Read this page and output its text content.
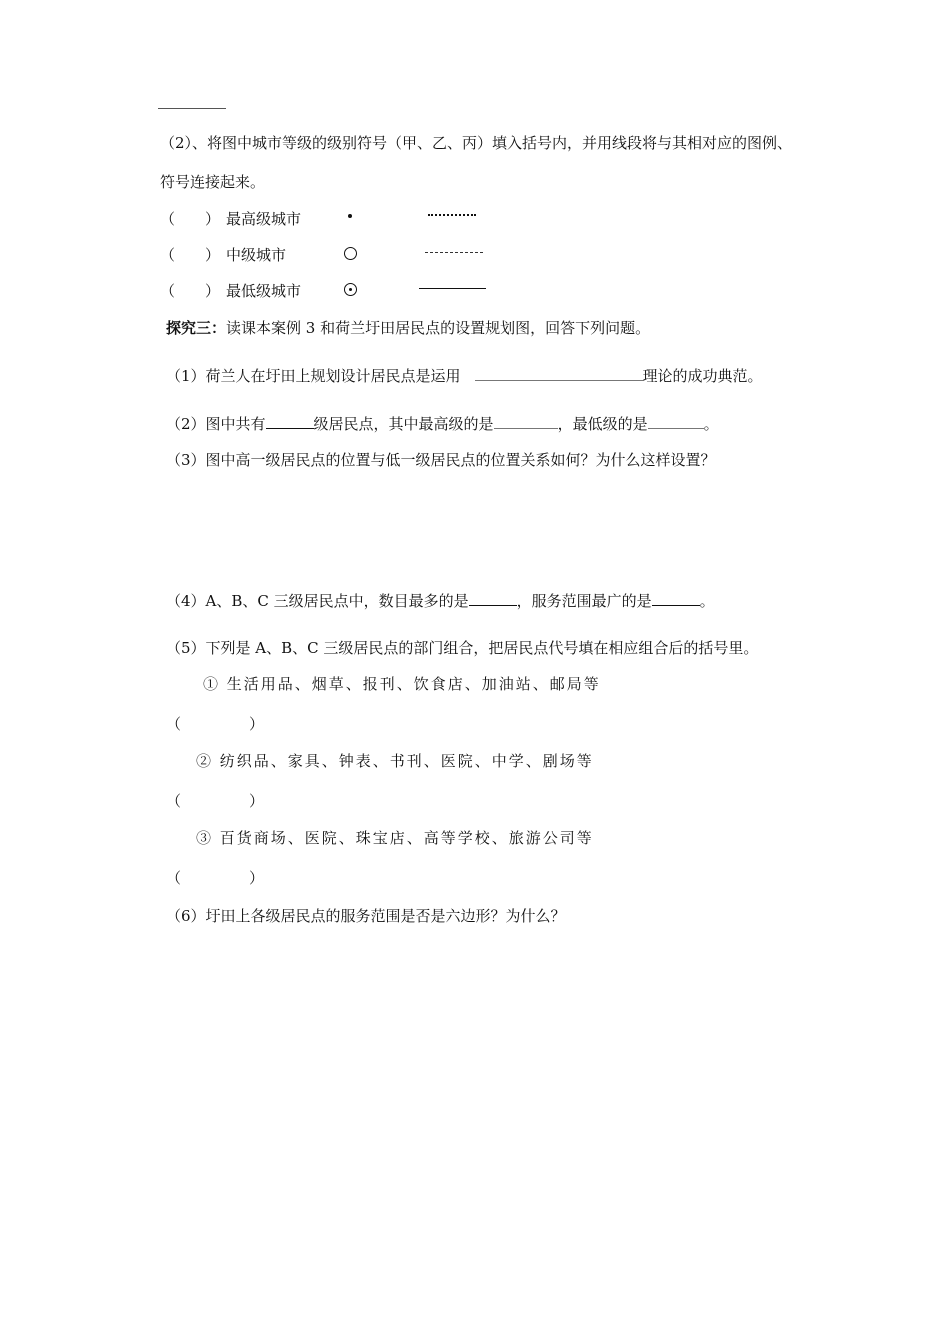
（2）、将图中城市等级的级别符号（甲、乙、丙）填入括号内，并用线段将与其相对应的图例、
符号连接起来。
（　　） 最高级城市
（　　） 中级城市
（　　） 最低级城市
探究三：读课本案例 3 和荷兰圩田居民点的设置规划图，回答下列问题。
（1）荷兰人在圩田上规划设计居民点是运用	理论的成功典范。
（2）图中共有	级居民点，其中最高级的是	，最低级的是	。
（3）图中高一级居民点的位置与低一级居民点的位置关系如何？为什么这样设置？
（4）A、B、C 三级居民点中，数目最多的是	，服务范围最广的是	。
（5）下列是 A、B、C 三级居民点的部门组合，把居民点代号填在相应组合后的括号里。
① 生活用品、烟草、报刊、饮食店、加油站、邮局等
（	）
② 纺织品、家具、钟表、书刊、医院、中学、剧场等
（	）
③ 百货商场、医院、珠宝店、高等学校、旅游公司等
（	）
（6）圩田上各级居民点的服务范围是否是六边形？为什么？
